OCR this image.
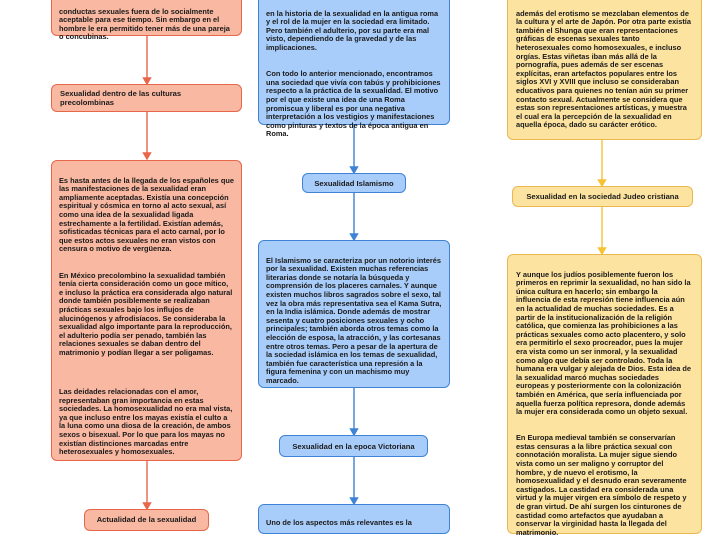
conductas sexuales fuera de lo socialmente aceptable para ese tiempo. Sin embargo en el hombre le era permitido tener más de una pareja o concubinas.

Sexualidad dentro de las culturas precolombinas

Es hasta antes de la llegada de los españoles que las manifestaciones de la sexualidad eran ampliamente aceptadas. Existía una concepción espiritual y cósmica en torno al acto sexual, así como una idea de la sexualidad ligada estrechamente a la fertilidad. Existían además, sofisticadas técnicas para el acto carnal, por lo que estos actos sexuales no eran vistos con censura o motivo de vergüenza.

En México precolombino la sexualidad también tenía cierta consideración como un goce mítico, e incluso la práctica era considerada algo natural donde también posiblemente se realizaban prácticas sexuales bajo los influjos de alucinógenos y afrodisíacos. Se consideraba la sexualidad algo importante para la reproducción, el adulterio podía ser penado, también las relaciones sexuales se daban dentro del matrimonio y podían llegar a ser poligamas.

Las deidades relacionadas con el amor, representaban gran importancia en estas sociedades. La homosexualidad no era mal vista, ya que incluso entre los mayas existía el culto a la luna como una diosa de la creación, de ambos sexos o bisexual. Por lo que para los mayas no existían distinciones marcadas entre heterosexuales y homosexuales.

Actualidad de la sexualidad

en la historia de la sexualidad en la antigua roma y el rol de la mujer en la sociedad era limitado. Pero también el adulterio, por su parte era mal visto, dependiendo de la gravedad y de las implicaciones.

Con todo lo anterior mencionado, encontramos una sociedad que vivía con tabús y prohibiciones respecto a la práctica de la sexualidad. El motivo por el que existe una idea de una Roma promiscua y liberal es por una negativa interpretación a los vestigios y manifestaciones como pinturas y textos de la época antigua en Roma.

Sexualidad Islamismo

El Islamismo se caracteriza por un notorio interés por la sexualidad. Existen muchas referencias literarias donde se notaría la búsqueda y comprensión de los placeres carnales. Y aunque existen muchos libros sagrados sobre el sexo, tal vez la obra más representativa sea el Kama Sutra, en la India islámica. Donde además de mostrar sesenta y cuatro posiciones sexuales y ocho principales; también aborda otros temas como la elección de esposa, la atracción, y las cortesanas entre otros temas. Pero a pesar de la apertura de la sociedad islámica en los temas de sexualidad, también fue característica una represión a la figura femenina y con un machismo muy marcado.

Sexualidad en la epoca Victoriana

Uno de los aspectos más relevantes es la

además del erotismo se mezclaban elementos de la cultura y el arte de Japón. Por otra parte existía también el Shunga que eran representaciones gráficas de escenas sexuales tanto heterosexuales como homosexuales, e incluso orgías. Estas viñetas iban más allá de la pornografía, pues además de ser escenas explícitas, eran artefactos populares entre los siglos XVI y XVIII que incluso se consideraban educativos para quienes no tenían aún su primer contacto sexual. Actualmente se considera que estas son representaciones artísticas, y muestra el cual era la percepción de la sexualidad en aquella época, dado su carácter erótico.

Sexualidad en la sociedad Judeo cristiana

Y aunque los judíos posiblemente fueron los primeros en reprimir la sexualidad, no han sido la única cultura en hacerlo; sin embargo la influencia de esta represión tiene influencia aún en la actualidad de muchas sociedades. Es a partir de la institucionalización de la religión católica, que comienza las prohibiciones a las prácticas sexuales como acto placentero, y solo era permitirlo el sexo procreador, pues la mujer era vista como un ser inmoral, y la sexualidad como algo que debía ser controlado. Toda la humana era vulgar y alejada de Dios. Esta idea de la sexualidad marcó muchas sociedades europeas y posteriormente con la colonización también en América, que sería influenciada por aquella fuerza política represora, donde además la mujer era considerada como un objeto sexual.

En Europa medieval también se conservarían estas censuras a la libre práctica sexual con connotación moralista. La mujer sigue siendo vista como un ser maligno y corruptor del hombre, y de nuevo el erotismo, la homosexualidad y el desnudo eran severamente castigados. La castidad era considerada una virtud y la mujer virgen era símbolo de respeto y de gran virtud. De ahí surgen los cinturones de castidad como artefactos que ayudaban a conservar la virginidad hasta la llegada del matrimonio.
